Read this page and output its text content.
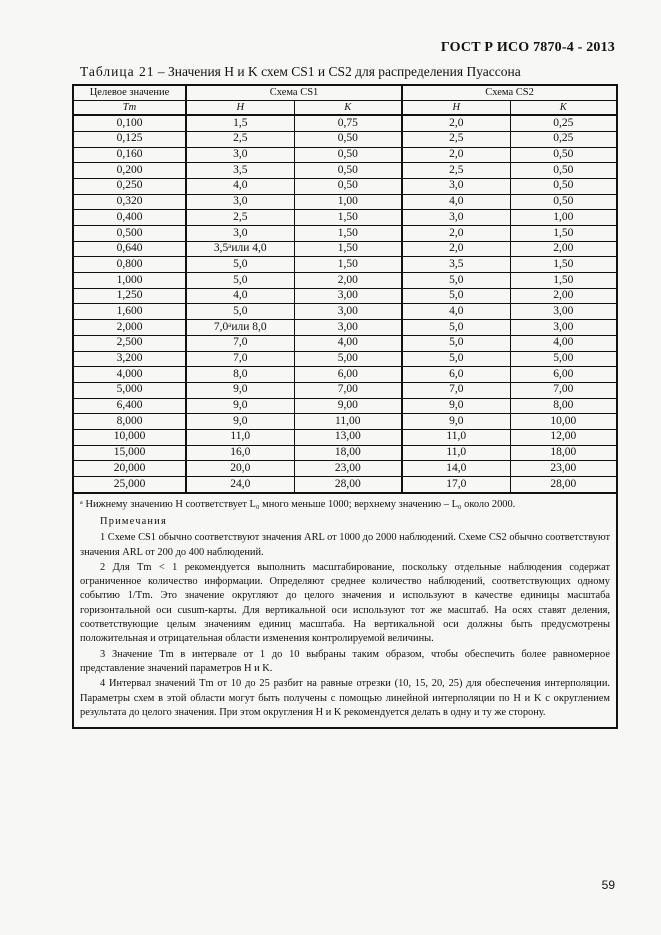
ГОСТ Р ИСО 7870-4 - 2013
Таблица 21 – Значения H и K схем CS1 и CS2 для распределения Пуассона
Целевое значение	Схема CS1		Схема CS2	
Tm	H	K	H	K
0,100	1,5	0,75	2,0	0,25
0,125	2,5	0,50	2,5	0,25
0,160	3,0	0,50	2,0	0,50
0,200	3,5	0,50	2,5	0,50
0,250	4,0	0,50	3,0	0,50
0,320	3,0	1,00	4,0	0,50
0,400	2,5	1,50	3,0	1,00
0,500	3,0	1,50	2,0	1,50
0,640	3,5ᵃили 4,0	1,50	2,0	2,00
0,800	5,0	1,50	3,5	1,50
1,000	5,0	2,00	5,0	1,50
1,250	4,0	3,00	5,0	2,00
1,600	5,0	3,00	4,0	3,00
2,000	7,0ᵃили 8,0	3,00	5,0	3,00
2,500	7,0	4,00	5,0	4,00
3,200	7,0	5,00	5,0	5,00
4,000	8,0	6,00	6,0	6,00
5,000	9,0	7,00	7,0	7,00
6,400	9,0	9,00	9,0	8,00
8,000	9,0	11,00	9,0	10,00
10,000	11,0	13,00	11,0	12,00
15,000	16,0	18,00	11,0	18,00
20,000	20,0	23,00	14,0	23,00
25,000	24,0	28,00	17,0	28,00

ᵃ Нижнему значению H соответствует L₀ много меньше 1000; верхнему значению – L₀ около 2000.

Примечания

1 Схеме CS1 обычно соответствуют значения ARL от 1000 до 2000 наблюдений. Схеме CS2 обычно соответствуют значения ARL от 200 до 400 наблюдений.

2 Для Tm < 1 рекомендуется выполнить масштабирование, поскольку отдельные наблюдения содержат ограниченное количество информации. Определяют среднее количество наблюдений, соответствующих одному событию 1/Tm. Это значение округляют до целого значения и используют в качестве единицы масштаба горизонтальной оси cusum-карты. Для вертикальной оси используют тот же масштаб. На осях ставят деления, соответствующие целым значениям единиц масштаба. На вертикальной оси должны быть предусмотрены положительная и отрицательная области изменения контролируемой величины.

3 Значение Tm в интервале от 1 до 10 выбраны таким образом, чтобы обеспечить более равномерное представление значений параметров H и K.

4 Интервал значений Tm от 10 до 25 разбит на равные отрезки (10, 15, 20, 25) для обеспечения интерполяции. Параметры схем в этой области могут быть получены с помощью линейной интерполяции по H и K с округлением результата до целого значения. При этом округления H и K рекомендуется делать в одну и ту же сторону.

59
